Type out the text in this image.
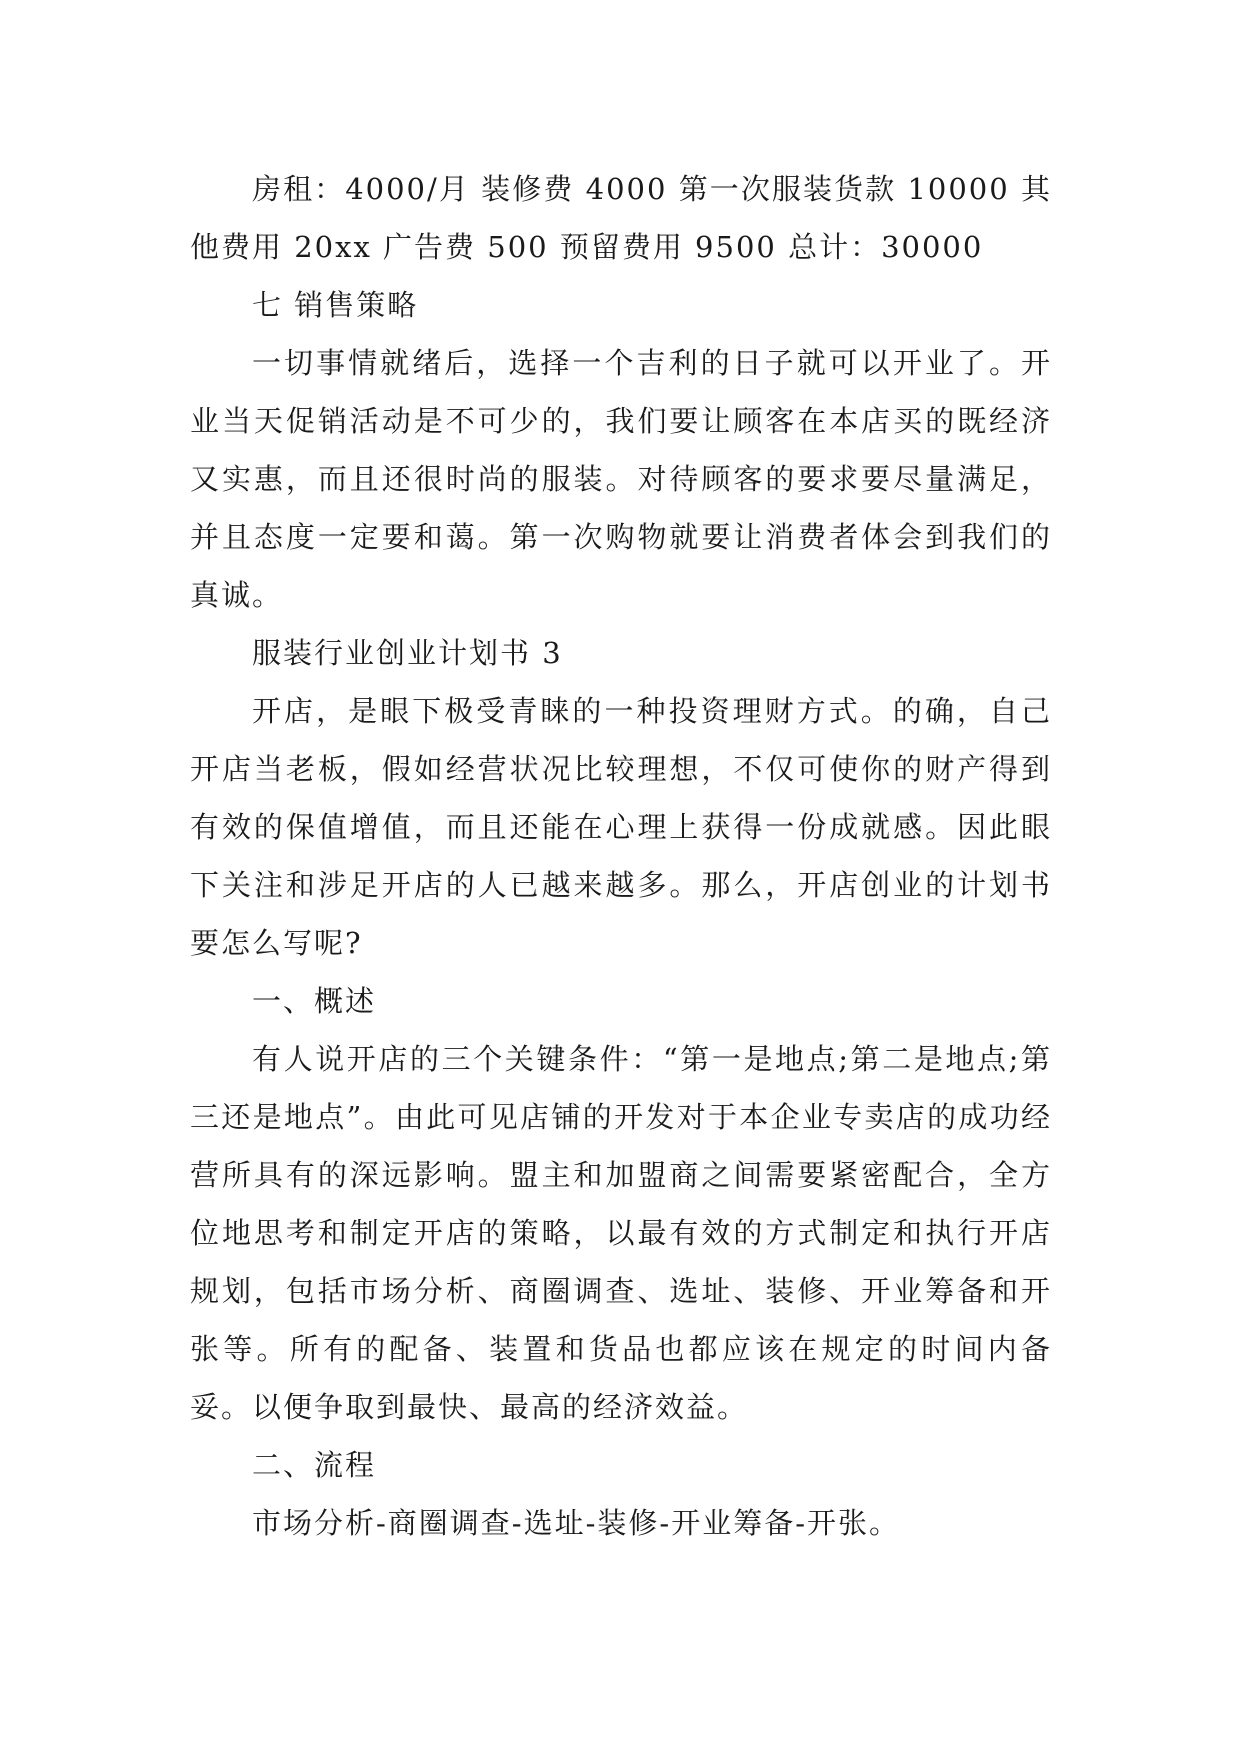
房租：4000/月 装修费 4000 第一次服装货款 10000 其他费用 20xx 广告费 500 预留费用 9500 总计：30000

七 销售策略

一切事情就绪后，选择一个吉利的日子就可以开业了。开业当天促销活动是不可少的，我们要让顾客在本店买的既经济又实惠，而且还很时尚的服装。对待顾客的要求要尽量满足，并且态度一定要和蔼。第一次购物就要让消费者体会到我们的真诚。

服装行业创业计划书 3

开店，是眼下极受青睐的一种投资理财方式。的确，自己开店当老板，假如经营状况比较理想，不仅可使你的财产得到有效的保值增值，而且还能在心理上获得一份成就感。因此眼下关注和涉足开店的人已越来越多。那么，开店创业的计划书要怎么写呢?

一、概述

有人说开店的三个关键条件：“第一是地点;第二是地点;第三还是地点”。由此可见店铺的开发对于本企业专卖店的成功经营所具有的深远影响。盟主和加盟商之间需要紧密配合，全方位地思考和制定开店的策略，以最有效的方式制定和执行开店规划，包括市场分析、商圈调查、选址、装修、开业筹备和开张等。所有的配备、装置和货品也都应该在规定的时间内备妥。以便争取到最快、最高的经济效益。

二、流程

市场分析-商圈调查-选址-装修-开业筹备-开张。
